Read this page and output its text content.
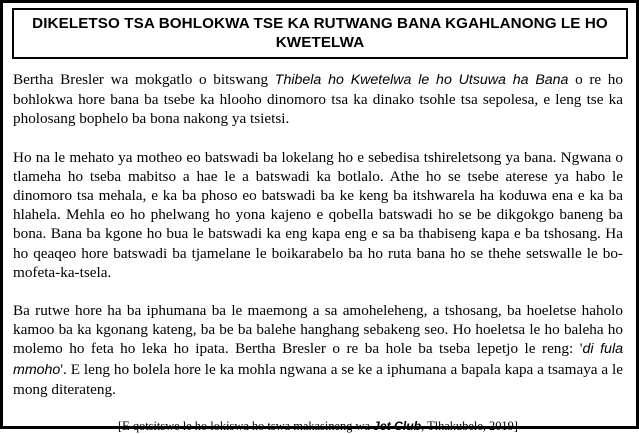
DIKELETSO TSA BOHLOKWA TSE KA RUTWANG BANA KGAHLANONG LE HO KWETELWA

Bertha Bresler wa mokgatlo o bitswang Thibela ho Kwetelwa le ho Utsuwa ha Bana o re ho bohlokwa hore bana ba tsebe ka hlooho dinomoro tsa ka dinako tsohle tsa sepolesa, e leng tse ka pholosang bophelo ba bona nakong ya tsietsi.

Ho na le mehato ya motheo eo batswadi ba lokelang ho e sebedisa tshireletsong ya bana. Ngwana o tlameha ho tseba mabitso a hae le a batswadi ka botlalo. Athe ho se tsebe aterese ya habo le dinomoro tsa mehala, e ka ba phoso eo batswadi ba ke keng ba itshwarela ha koduwa ena e ka ba hlahela. Mehla eo ho phelwang ho yona kajeno e qobella batswadi ho se be dikgokgo baneng ba bona. Bana ba kgone ho bua le batswadi ka eng kapa eng e sa ba thabiseng kapa e ba tshosang. Ha ho qeaqeo hore batswadi ba tjamelane le boikarabelo ba ho ruta bana ho se thehe setswalle le bo-mofeta-ka-tsela.

Ba rutwe hore ha ba iphumana ba le maemong a sa amoheleheng, a tshosang, ba hoeletse haholo kamoo ba ka kgonang kateng, ba be ba balehe hanghang sebakeng seo. Ho hoeletsa le ho baleha ho molemo ho feta ho leka ho ipata. Bertha Bresler o re ba hole ba tseba lepetjo le reng: 'di fula mmoho'. E leng ho bolela hore le ka mohla ngwana a se ke a iphumana a bapala kapa a tsamaya a le mong diterateng.

[E qotsitswe le ho lokiswa ho tswa makasineng wa Jet Club, Tlhakubele, 2019]
